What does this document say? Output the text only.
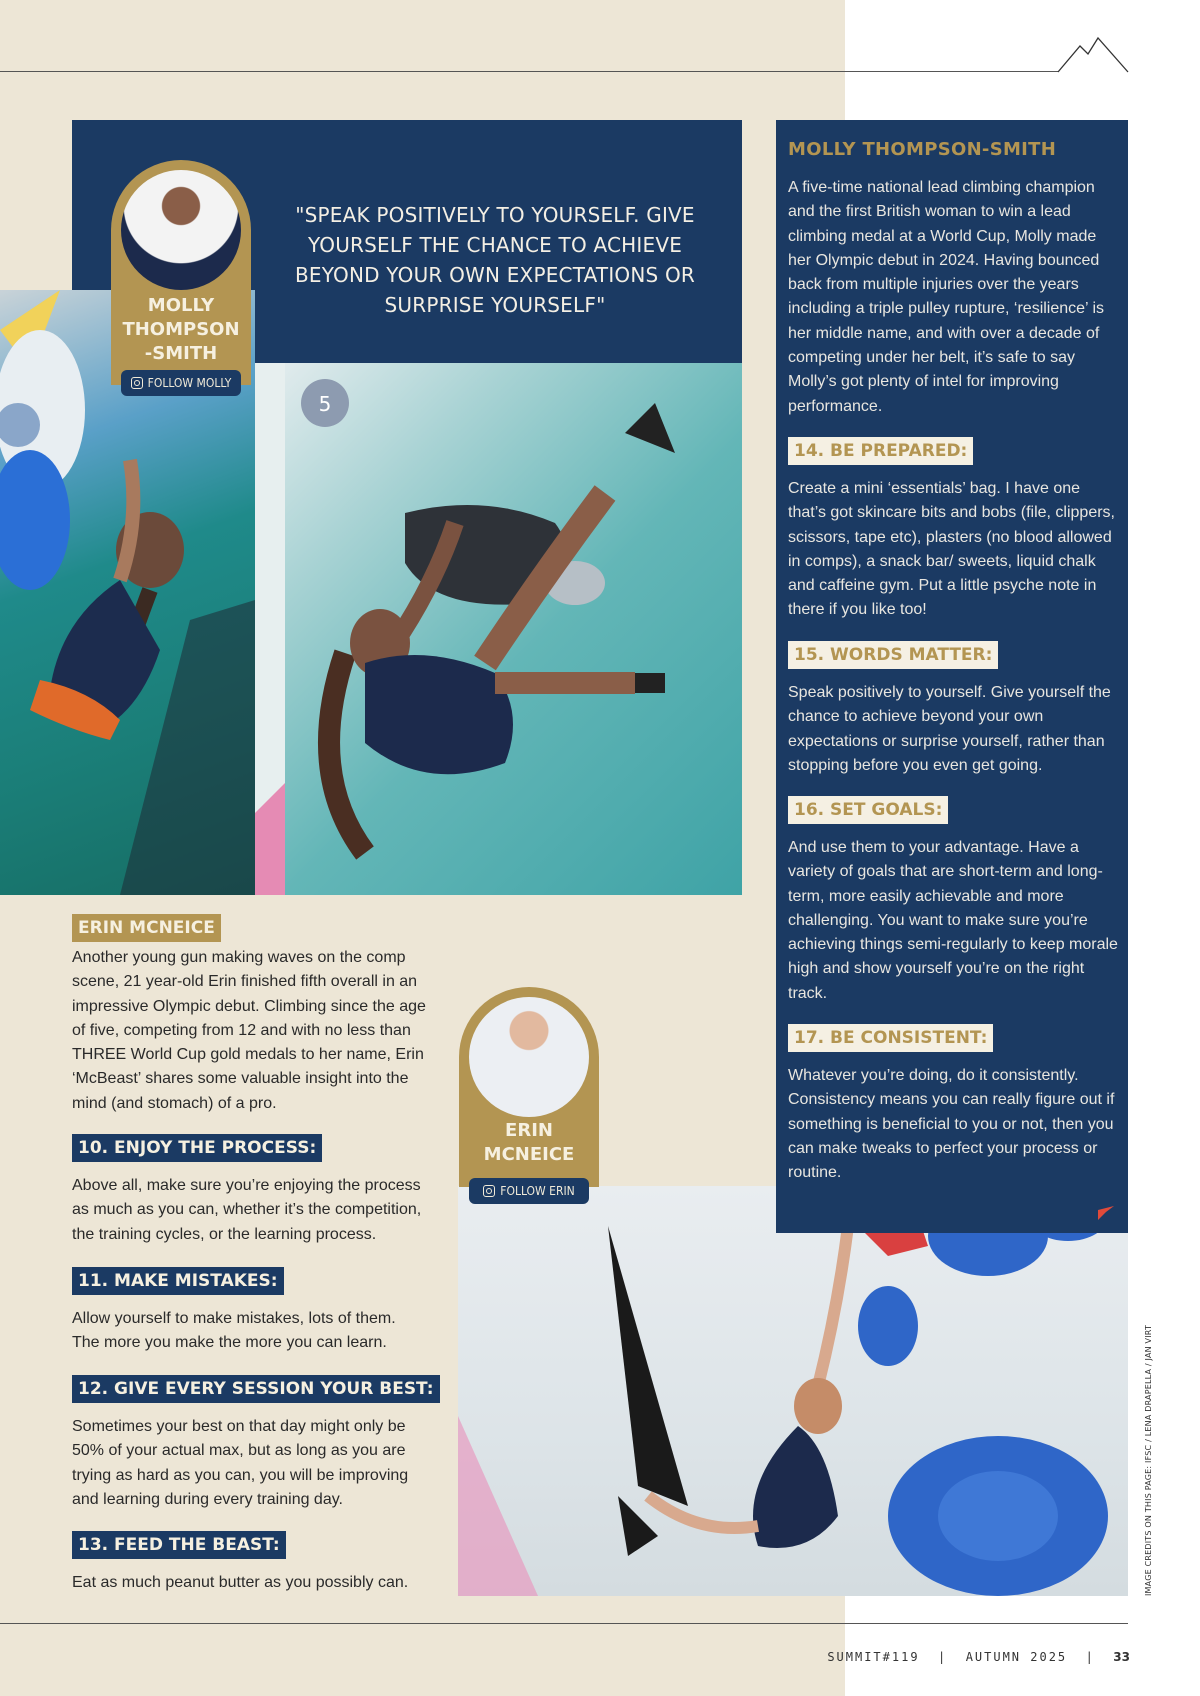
"SPEAK POSITIVELY TO YOURSELF. GIVE YOURSELF THE CHANCE TO ACHIEVE BEYOND YOUR OWN EXPECTATIONS OR SURPRISE YOURSELF"
5
MOLLY
THOMPSON
-SMITH
FOLLOW MOLLY
ERIN
MCNEICE
FOLLOW ERIN
MOLLY THOMPSON-SMITH
A five-time national lead climbing champion and the first British woman to win a lead climbing medal at a World Cup, Molly made her Olympic debut in 2024. Having bounced back from multiple injuries over the years including a triple pulley rupture, ‘resilience’ is her middle name, and with over a decade of competing under her belt, it’s safe to say Molly’s got plenty of intel for improving performance.
14. BE PREPARED:
Create a mini ‘essentials’ bag. I have one that’s got skincare bits and bobs (file, clippers, scissors, tape etc), plasters (no blood allowed in comps), a snack bar/ sweets, liquid chalk and caffeine gym. Put a little psyche note in there if you like too!
15. WORDS MATTER:
Speak positively to yourself. Give yourself the chance to achieve beyond your own expectations or surprise yourself, rather than stopping before you even get going.
16. SET GOALS:
And use them to your advantage. Have a variety of goals that are short-term and long-term, more easily achievable and more challenging. You want to make sure you’re achieving things semi-regularly to keep morale high and show yourself you’re on the right track.
17. BE CONSISTENT:
Whatever you’re doing, do it consistently. Consistency means you can really figure out if something is beneficial to you or not, then you can make tweaks to perfect your process or routine.
ERIN MCNEICE
Another young gun making waves on the comp scene, 21 year-old Erin finished fifth overall in an impressive Olympic debut. Climbing since the age of five, competing from 12 and with no less than THREE World Cup gold medals to her name, Erin ‘McBeast’ shares some valuable insight into the mind (and stomach) of a pro.
10. ENJOY THE PROCESS:
Above all, make sure you’re enjoying the process as much as you can, whether it’s the competition, the training cycles, or the learning process.
11. MAKE MISTAKES:
Allow yourself to make mistakes, lots of them. The more you make the more you can learn.
12. GIVE EVERY SESSION YOUR BEST:
Sometimes your best on that day might only be 50% of your actual max, but as long as you are trying as hard as you can, you will be improving and learning during every training day.
13. FEED THE BEAST:
Eat as much peanut butter as you possibly can.	IMAGE CREDITS ON THIS PAGE: IFSC / LENA DRAPELLA / JAN VIRT
SUMMIT#119  |  AUTUMN 2025  |  33
